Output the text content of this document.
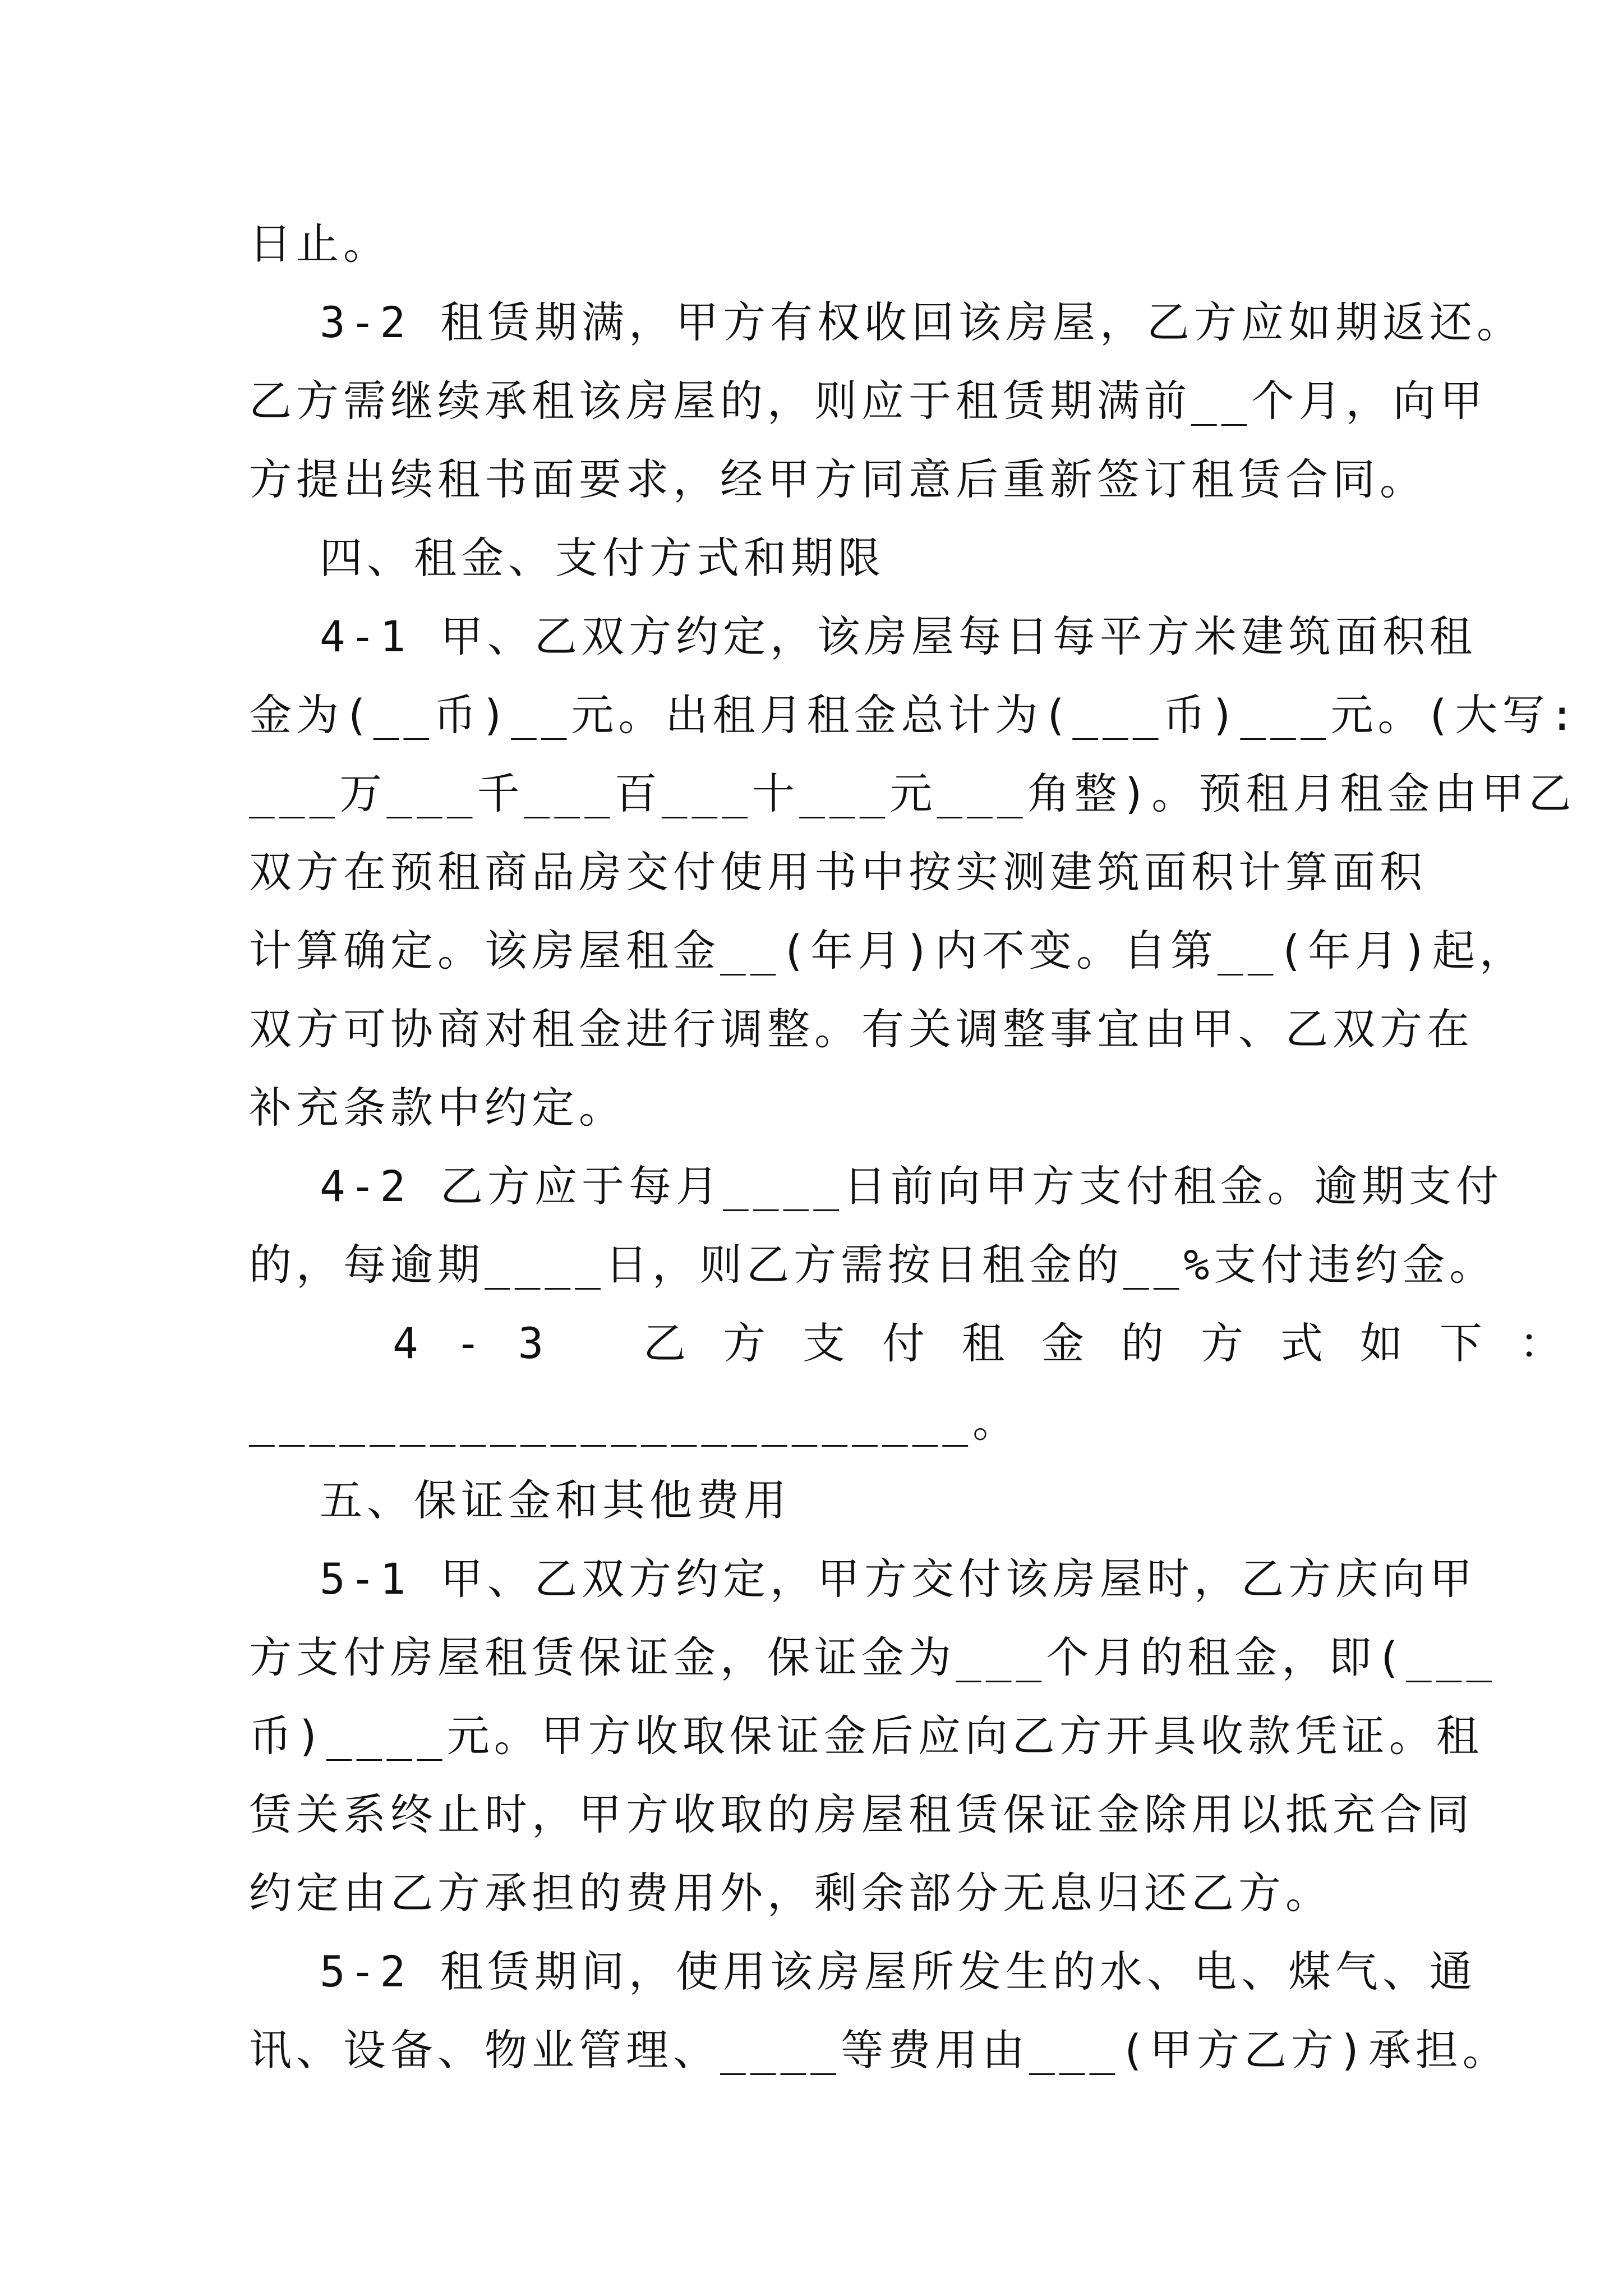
日止。
3-2 租赁期满，甲方有权收回该房屋，乙方应如期返还。
乙方需继续承租该房屋的，则应于租赁期满前__个月，向甲
方提出续租书面要求，经甲方同意后重新签订租赁合同。
四、租金、支付方式和期限
4-1 甲、乙双方约定，该房屋每日每平方米建筑面积租
金为(__币)__元。出租月租金总计为(___币)___元。(大写:
___万___千___百___十___元___角整)。预租月租金由甲乙
双方在预租商品房交付使用书中按实测建筑面积计算面积
计算确定。该房屋租金__(年月)内不变。自第__(年月)起，
双方可协商对租金进行调整。有关调整事宜由甲、乙双方在
补充条款中约定。
4-2 乙方应于每月____日前向甲方支付租金。逾期支付
的，每逾期____日，则乙方需按日租金的__%支付违约金。
4-3 乙方支付租金的方式如下：
________________________。
五、保证金和其他费用
5-1 甲、乙双方约定，甲方交付该房屋时，乙方庆向甲
方支付房屋租赁保证金，保证金为___个月的租金，即(___
币)____元。甲方收取保证金后应向乙方开具收款凭证。租
赁关系终止时，甲方收取的房屋租赁保证金除用以抵充合同
约定由乙方承担的费用外，剩余部分无息归还乙方。
5-2 租赁期间，使用该房屋所发生的水、电、煤气、通
讯、设备、物业管理、____等费用由___(甲方乙方)承担。
